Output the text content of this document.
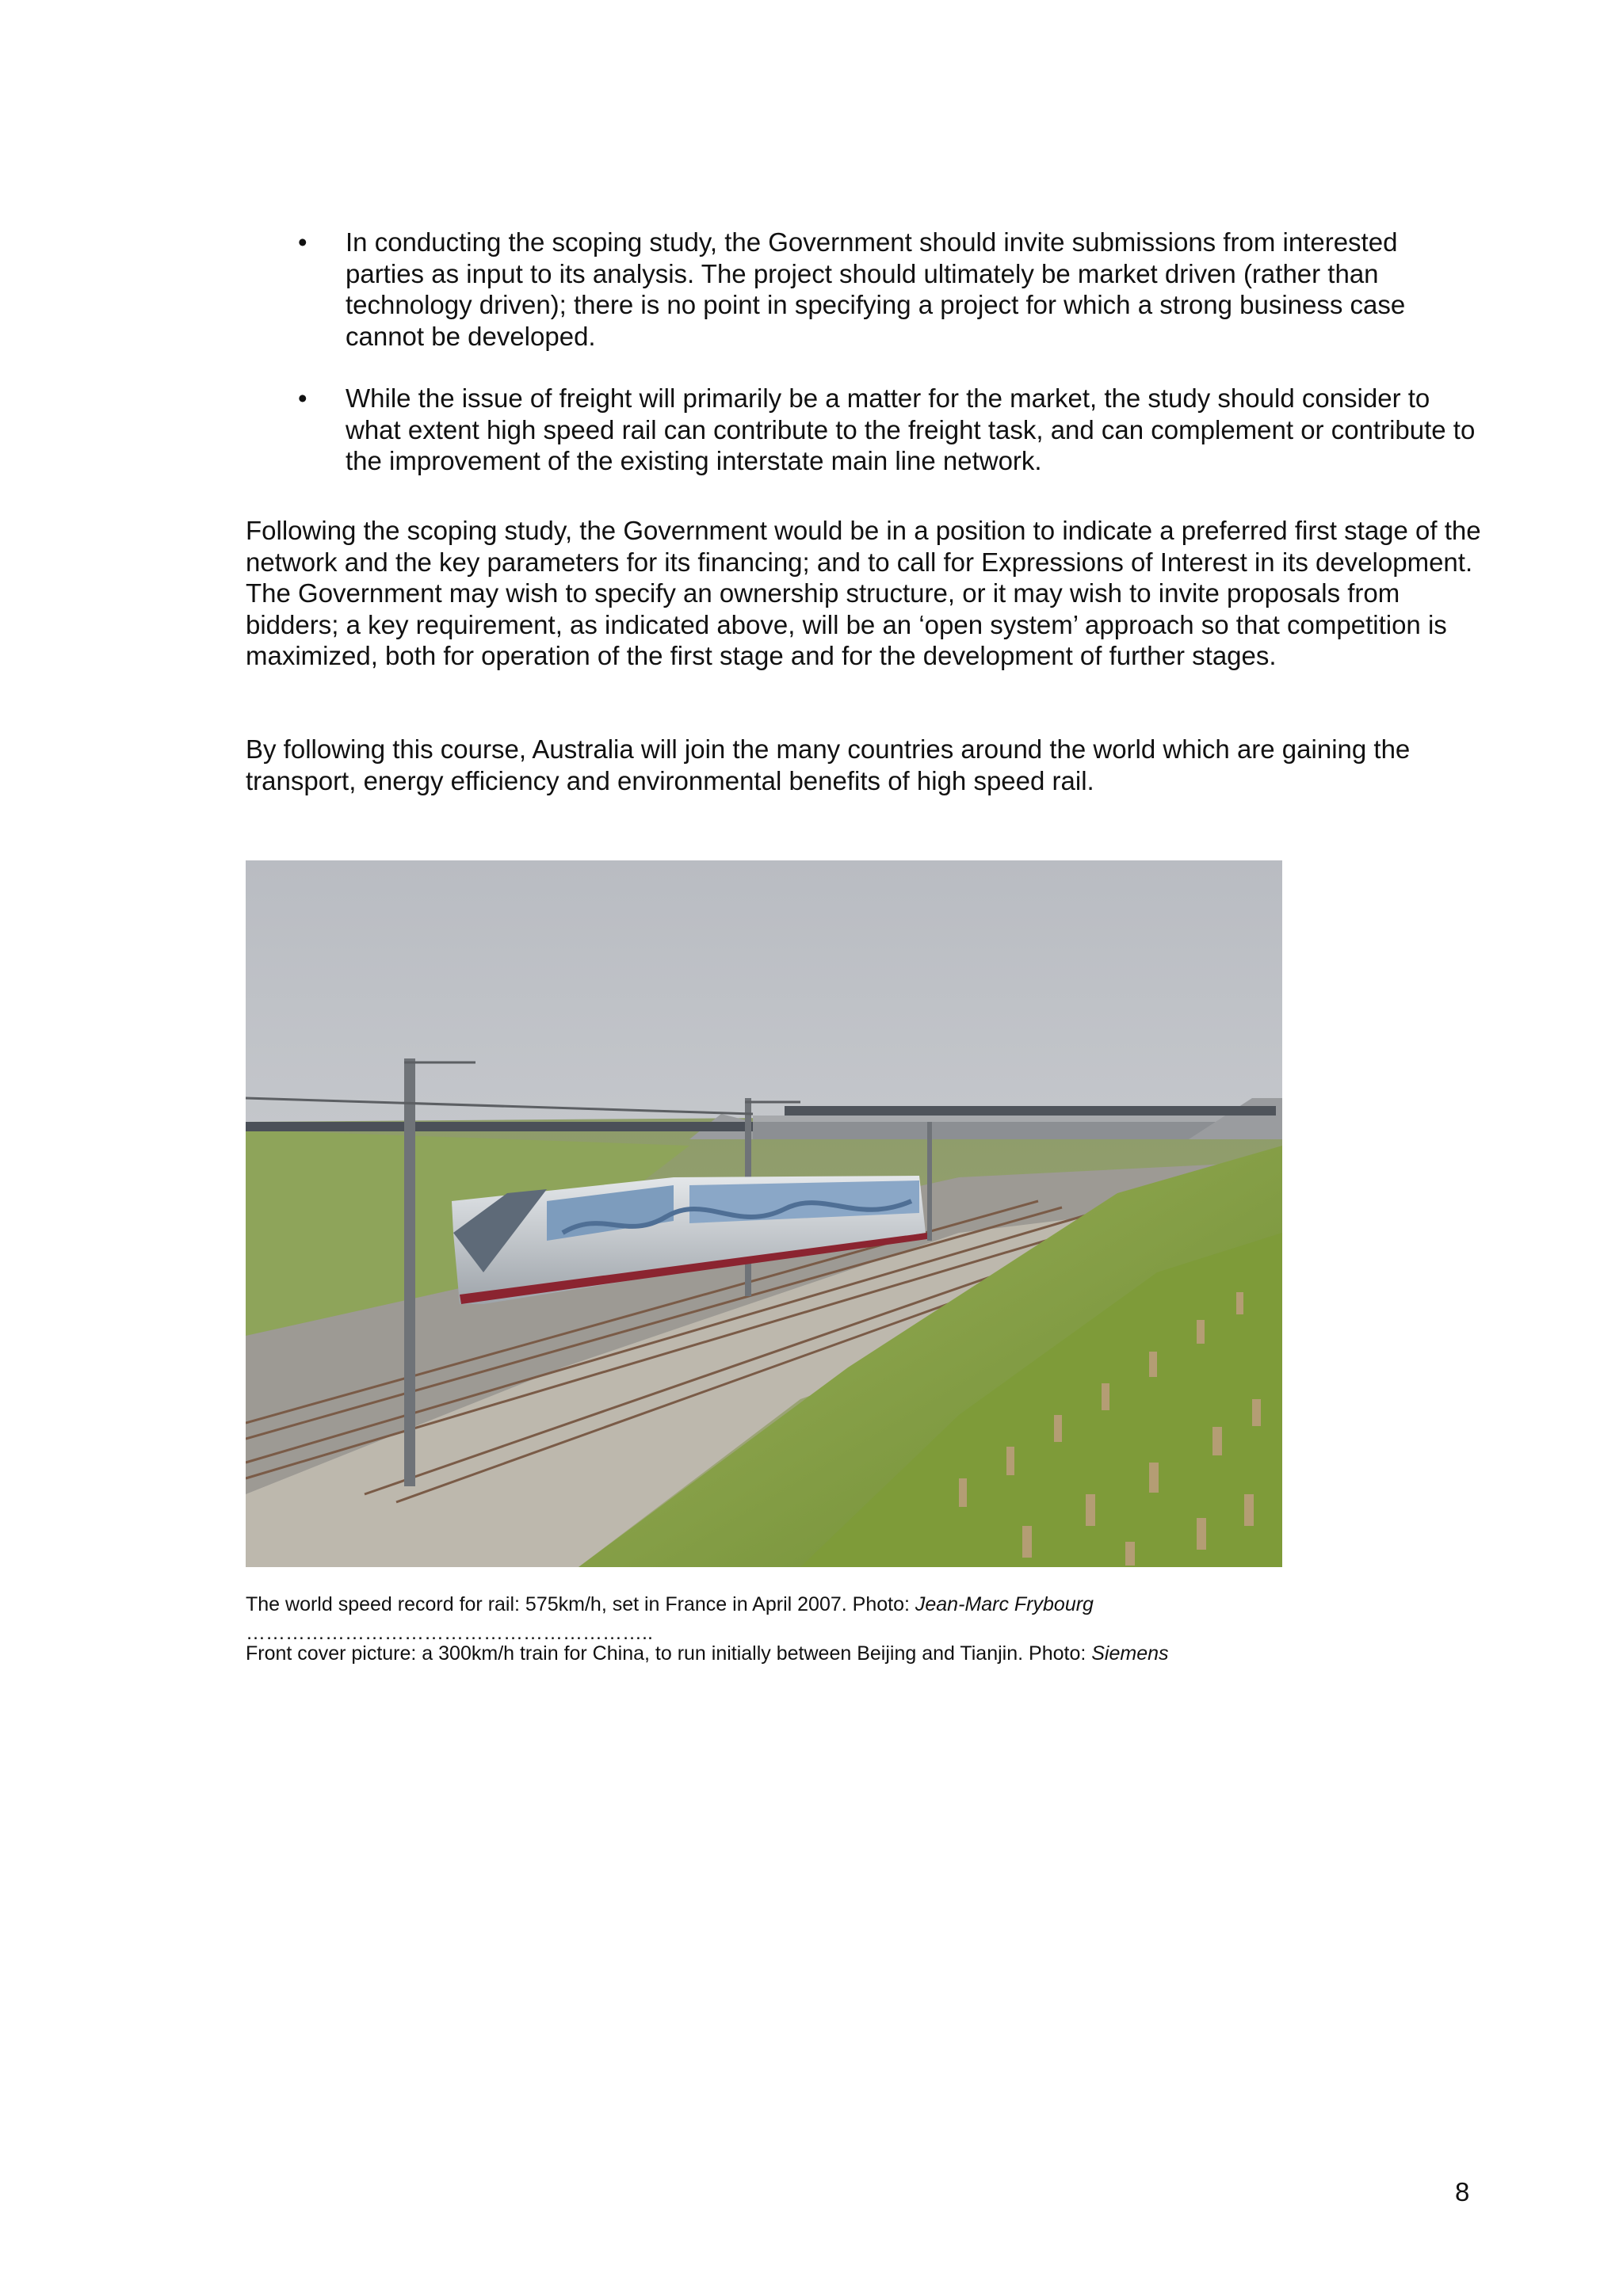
• In conducting the scoping study, the Government should invite submissions from interested parties as input to its analysis. The project should ultimately be market driven (rather than technology driven); there is no point in specifying a project for which a strong business case cannot be developed.
• While the issue of freight will primarily be a matter for the market, the study should consider to what extent high speed rail can contribute to the freight task, and can complement or contribute to the improvement of the existing interstate main line network.

Following the scoping study, the Government would be in a position to indicate a preferred first stage of the network and the key parameters for its financing; and to call for Expressions of Interest in its development. The Government may wish to specify an ownership structure, or it may wish to invite proposals from bidders; a key requirement, as indicated above, will be an ‘open system’ approach so that competition is maximized, both for operation of the first stage and for the development of further stages.

By following this course, Australia will join the many countries around the world which are gaining the transport, energy efficiency and environmental benefits of high speed rail.

The world speed record for rail: 575km/h, set in France in April 2007. Photo: Jean-Marc Frybourg

……………………………………………………..

Front cover picture: a 300km/h train for China, to run initially between Beijing and Tianjin. Photo: Siemens

8
